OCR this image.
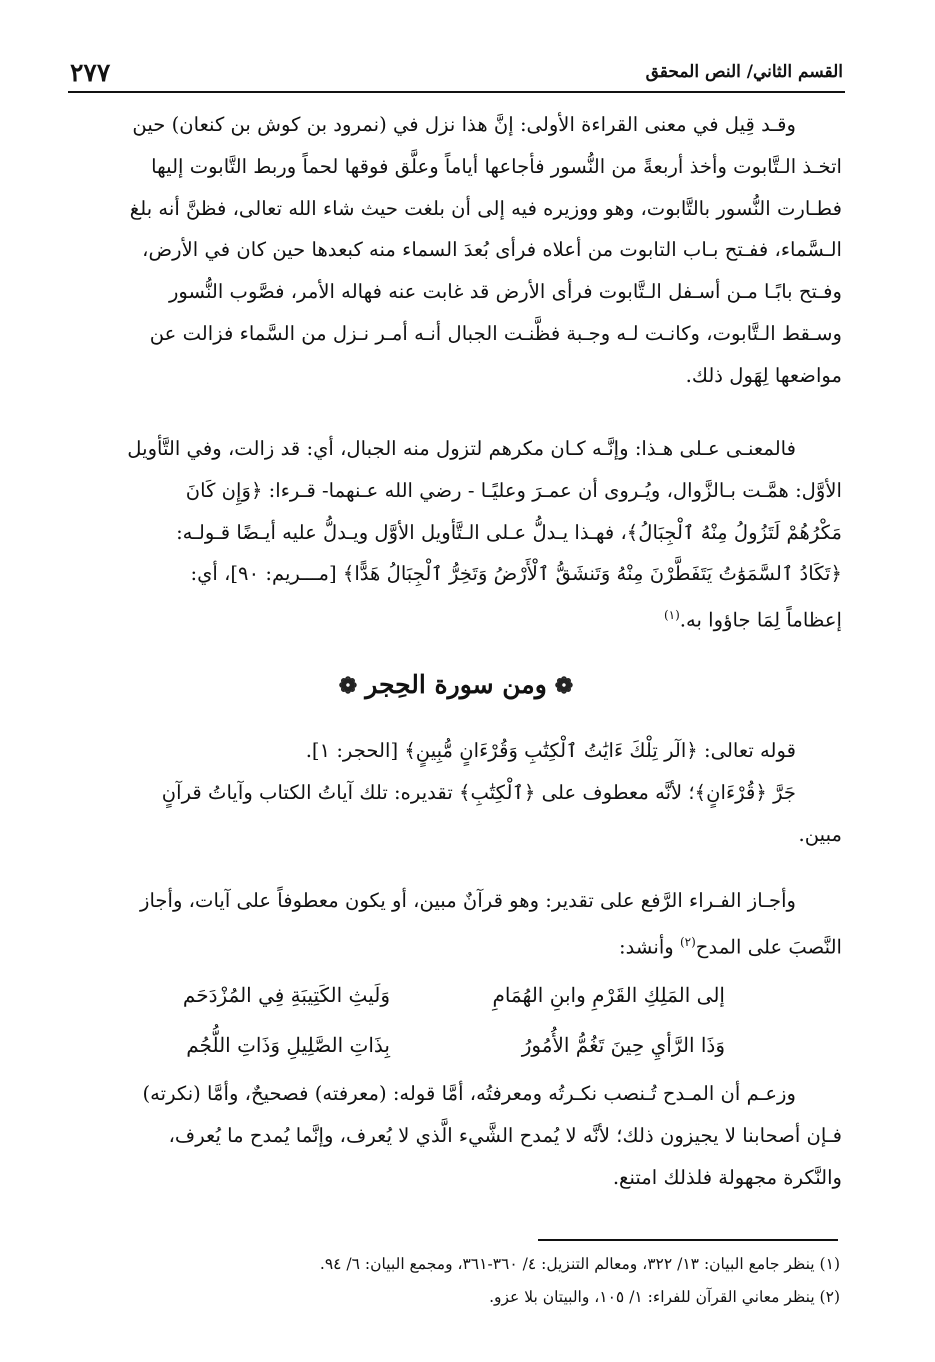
٢٧٧	القسم الثاني/ النص المحقق
وقـد قِيل في معنى القراءة الأولى: إنَّ هذا نزل في (نمرود بن كوش بن كنعان) حين
اتخـذ الـتَّابوت وأخذ أربعةً من النُّسور فأجاعها أياماً وعلَّق فوقها لحماً وربط التَّابوت إليها
فطـارت النُّسور بالتَّابوت، وهو ووزيره فيه إلى أن بلغت حيث شاء الله تعالى، فظنَّ أنه بلغ
الـسَّماء، ففـتح بـاب التابوت من أعلاه فرأى بُعدَ السماء منه كبعدها حين كان في الأرض،
وفـتح بابًـا مـن أسـفل الـتَّابوت فرأى الأرض قد غابت عنه فهاله الأمر، فصَّوب النُّسور
وسـقط الـتَّابوت، وكانـت لـه وجـبة فظَّنـت الجبال أنـه أمـر نـزل من السَّماء فزالت عن
مواضعها لِهَول ذلك.
فالمعنـى عـلى هـذا: وإنَّـه كـان مكرهم لتزول منه الجبال، أي: قد زالت، وفي التَّأويل
الأوَّل: همَّـت بـالزَّوال، ويُـروى أن عمـرَ وعليًـا - رضي الله عـنهما- قـرءا: ﴿وَإِن كَانَ
مَكْرُهُمْ لَتَزُولُ مِنْهُ ٱلْجِبَالُ﴾، فهـذا يـدلُّ عـلى الـتَّأويل الأوَّل ويـدلُّ عليه أيـضًا قـولـه:
﴿تَكَادُ ٱلسَّمَوَٰتُ يَتَفَطَّرْنَ مِنْهُ وَتَنشَقُّ ٱلْأَرْضُ وَتَخِرُّ ٱلْجِبَالُ هَدًّا﴾ [مـــريم: ٩٠]، أي:
إعظاماً لِمَا جاؤوا به.$^{(١)}$
❁ومن سورة الحِجر❁
قوله تعالى: ﴿الٓر تِلْكَ ءَايَٰتُ ٱلْكِتَٰبِ وَقُرْءَانٍ مُّبِينٍ﴾ [الحجر: ١].
جَرَّ ﴿قُرْءَانٍ﴾؛ لأنَّه معطوف على ﴿ٱلْكِتَٰبِ﴾ تقديره: تلك آياتُ الكتاب وآياتُ قرآنٍ
مبين.
وأجـاز الفـراء الرَّفع على تقدير: وهو قرآنٌ مبين، أو يكون معطوفاً على آيات، وأجاز
النَّصبَ على المدح$^{(٢)}$ وأنشد:
إلى المَلِكِ القَرْمِ وابنِ الهُمَامِ
وَلَيثِ الكَتِيبَةِ فِي المُزْدَحَم
وَذَا الرَّأيِ حِينَ تَغُمُّ الأُمُورُ
بِذَاتِ الصَّلِيلِ وَذَاتِ اللُّجُم
وزعـم أن المـدح تُـنصب نكـرتُه ومعرفتُه، أمَّا قوله: (معرفته) فصحيحٌ، وأمَّا (نكرته)
فـإن أصحابنا لا يجيزون ذلك؛ لأنَّه لا يُمدح الشَّيء الَّذي لا يُعرف، وإنَّما يُمدح ما يُعرف،
والنَّكرة مجهولة فلذلك امتنع.
(١) ينظر جامع البيان: ١٣/ ٣٢٢، ومعالم التنزيل: ٤/ ٣٦٠-٣٦١، ومجمع البيان: ٦/ ٩٤.
(٢) ينظر معاني القرآن للفراء: ١/ ١٠٥، والبيتان بلا عزو.
